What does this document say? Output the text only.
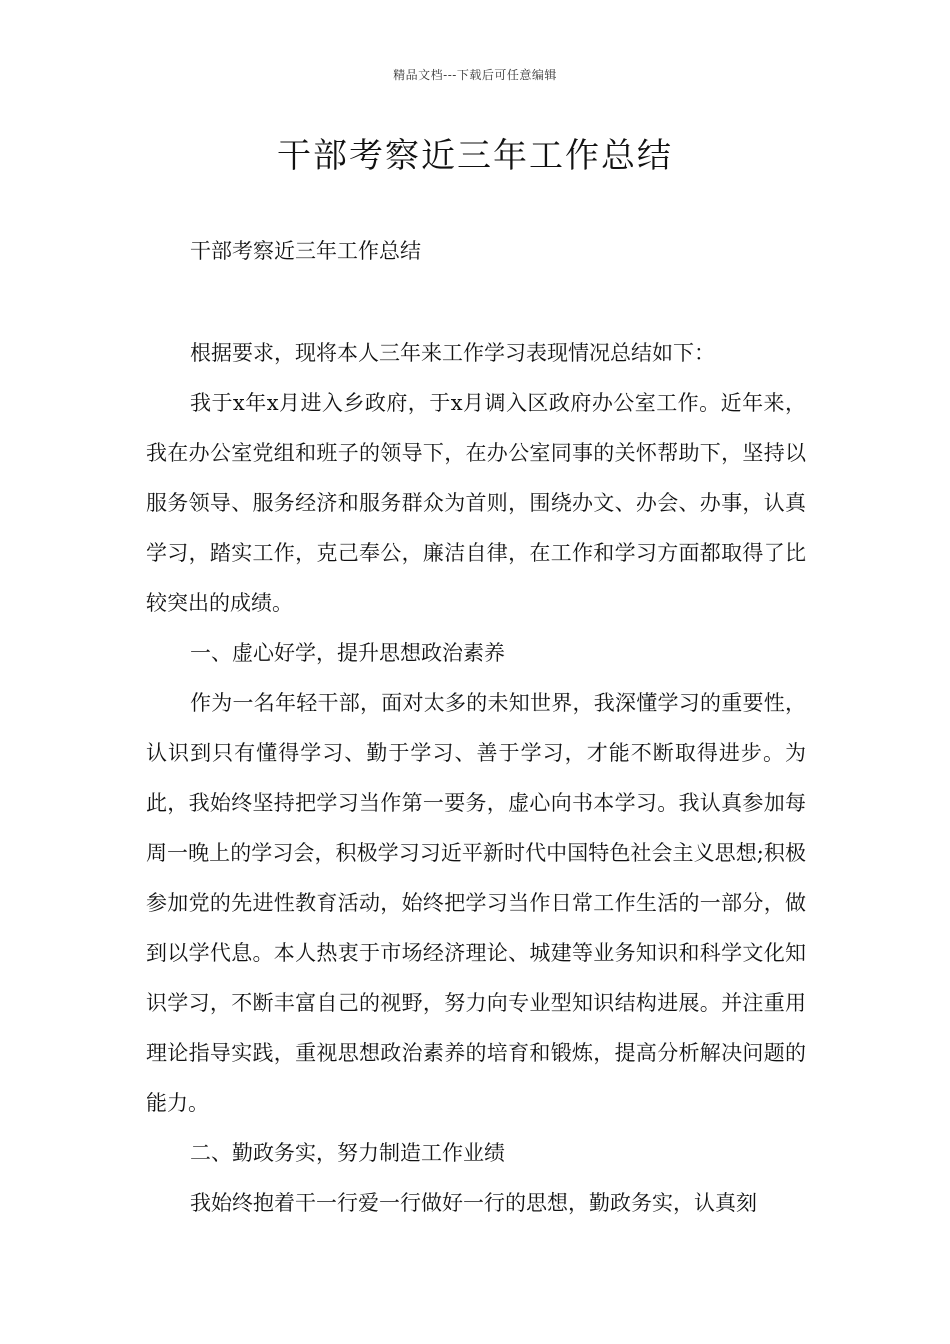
精品文档---下载后可任意编辑
干部考察近三年工作总结

干部考察近三年工作总结

根据要求，现将本人三年来工作学习表现情况总结如下：

我于x年x月进入乡政府，于x月调入区政府办公室工作。近年来，我在办公室党组和班子的领导下，在办公室同事的关怀帮助下，坚持以服务领导、服务经济和服务群众为首则，围绕办文、办会、办事，认真学习，踏实工作，克己奉公，廉洁自律，在工作和学习方面都取得了比较突出的成绩。

一、虚心好学，提升思想政治素养

作为一名年轻干部，面对太多的未知世界，我深懂学习的重要性，认识到只有懂得学习、勤于学习、善于学习，才能不断取得进步。为此，我始终坚持把学习当作第一要务，虚心向书本学习。我认真参加每周一晚上的学习会，积极学习习近平新时代中国特色社会主义思想;积极参加党的先进性教育活动，始终把学习当作日常工作生活的一部分，做到以学代息。本人热衷于市场经济理论、城建等业务知识和科学文化知识学习，不断丰富自己的视野，努力向专业型知识结构进展。并注重用理论指导实践，重视思想政治素养的培育和锻炼，提高分析解决问题的能力。

二、勤政务实，努力制造工作业绩

我始终抱着干一行爱一行做好一行的思想，勤政务实，认真刻
